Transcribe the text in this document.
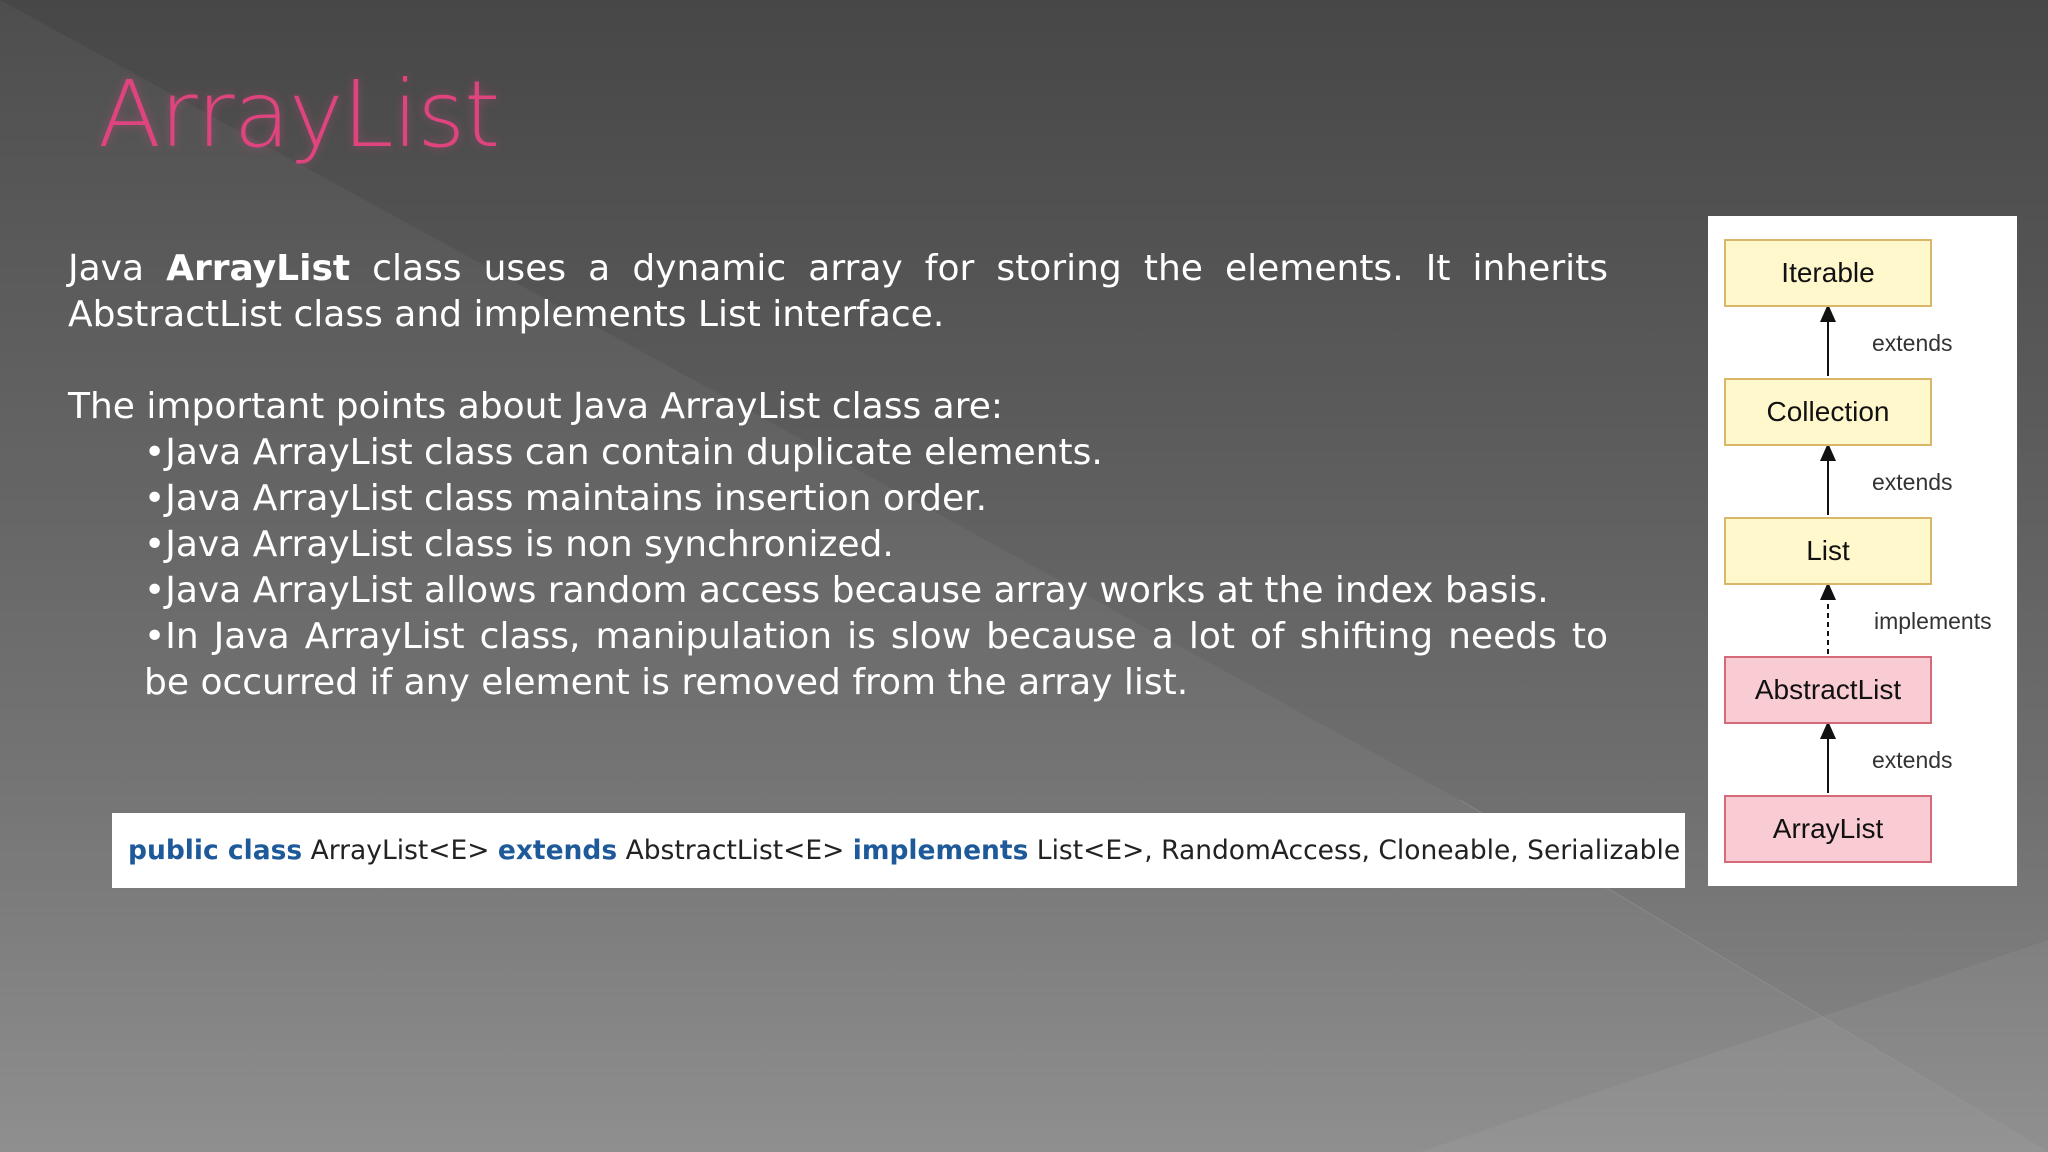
ArrayList

Java ArrayList class uses a dynamic array for storing the elements. It inherits AbstractList class and implements List interface.

The important points about Java ArrayList class are:

•Java ArrayList class can contain duplicate elements.
•Java ArrayList class maintains insertion order.
•Java ArrayList class is non synchronized.
•Java ArrayList allows random access because array works at the index basis.
•In Java ArrayList class, manipulation is slow because a lot of shifting needs to be occurred if any element is removed from the array list.
public class ArrayList<E> extends AbstractList<E> implements List<E>, RandomAccess, Cloneable, Serializable
Iterable
Collection
List
AbstractList
ArrayList
extends
extends
implements
extends
